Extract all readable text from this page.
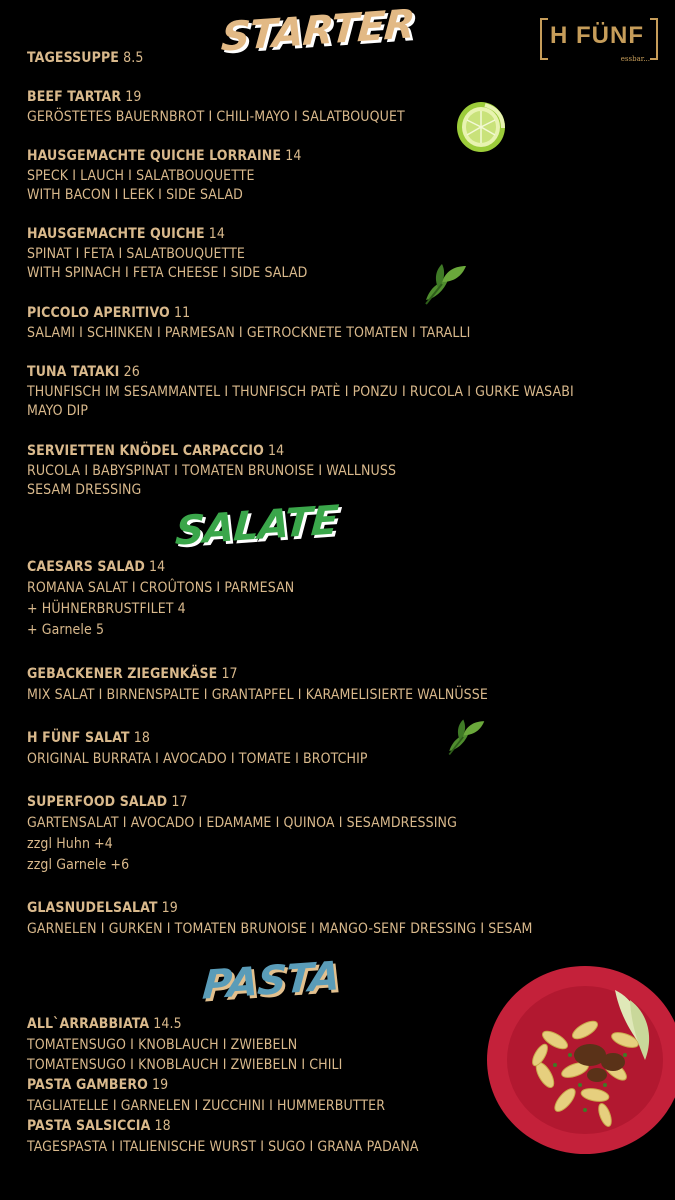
STARTER
SALATE
PASTA
H FÜNF
essbar...
TAGESSUPPE 8.5
BEEF TARTAR 19
GERÖSTETES BAUERNBROT I CHILI-MAYO I SALATBOUQUET
HAUSGEMACHTE QUICHE LORRAINE 14
SPECK I LAUCH I SALATBOUQUETTE
WITH BACON I LEEK I SIDE SALAD
HAUSGEMACHTE QUICHE 14
SPINAT I FETA I SALATBOUQUETTE
WITH SPINACH I FETA CHEESE I SIDE SALAD
PICCOLO APERITIVO 11
SALAMI I SCHINKEN I PARMESAN I GETROCKNETE TOMATEN I TARALLI
TUNA TATAKI 26
THUNFISCH IM SESAMMANTEL I THUNFISCH PATÈ I PONZU I RUCOLA I GURKE WASABI
MAYO DIP
SERVIETTEN KNÖDEL CARPACCIO 14
RUCOLA I BABYSPINAT I TOMATEN BRUNOISE I WALLNUSS
SESAM DRESSING
CAESARS SALAD 14
ROMANA SALAT I CROÛTONS I PARMESAN
+ HÜHNERBRUSTFILET 4
+ Garnele 5
GEBACKENER ZIEGENKÄSE 17
MIX SALAT I BIRNENSPALTE I GRANTAPFEL I KARAMELISIERTE WALNÜSSE
H FÜNF SALAT 18
ORIGINAL BURRATA I AVOCADO I TOMATE I BROTCHIP
SUPERFOOD SALAD 17
GARTENSALAT I AVOCADO I EDAMAME I QUINOA I SESAMDRESSING
zzgl Huhn +4
zzgl Garnele +6
GLASNUDELSALAT 19
GARNELEN I GURKEN I TOMATEN BRUNOISE I MANGO-SENF DRESSING I SESAM
ALL`ARRABBIATA 14.5
TOMATENSUGO I KNOBLAUCH I ZWIEBELN
TOMATENSUGO I KNOBLAUCH I ZWIEBELN I CHILI
PASTA GAMBERO 19
TAGLIATELLE I GARNELEN I ZUCCHINI I HUMMERBUTTER
PASTA SALSICCIA 18
TAGESPASTA I ITALIENISCHE WURST I SUGO I GRANA PADANA
